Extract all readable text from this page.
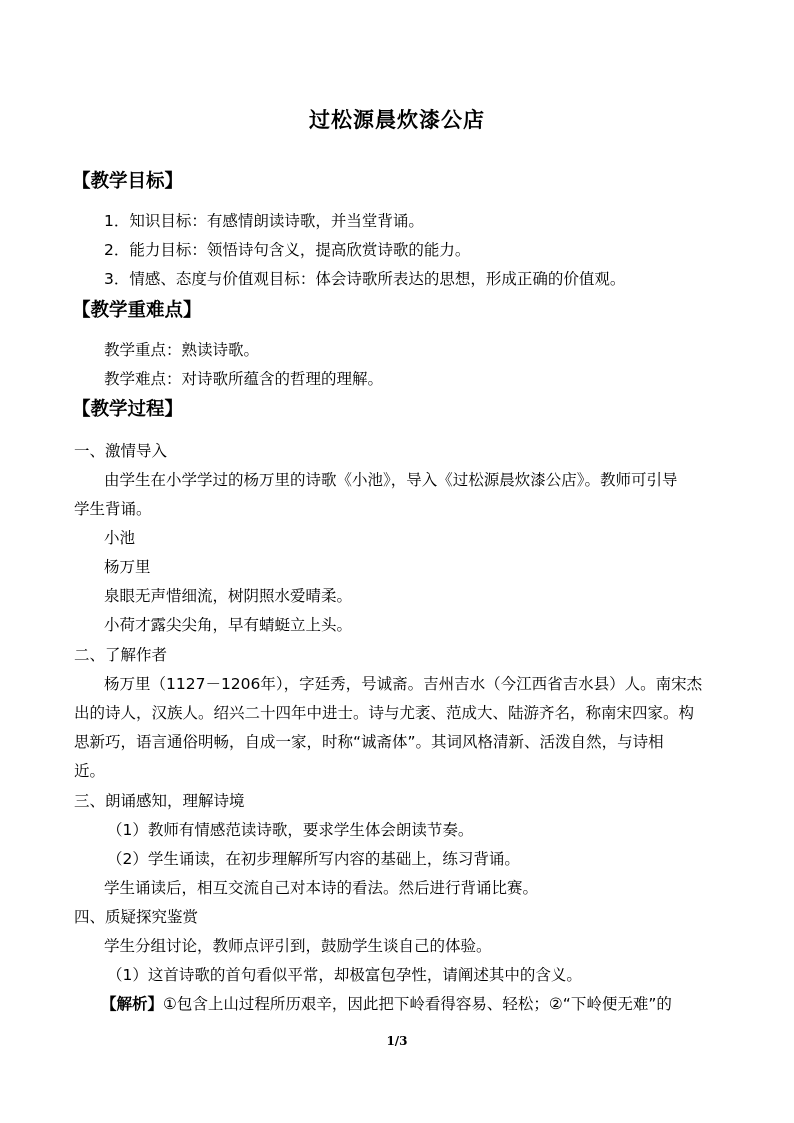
过松源晨炊漆公店
【教学目标】
1．知识目标：有感情朗读诗歌，并当堂背诵。
2．能力目标：领悟诗句含义，提高欣赏诗歌的能力。
3．情感、态度与价值观目标：体会诗歌所表达的思想，形成正确的价值观。
【教学重难点】
教学重点：熟读诗歌。
教学难点：对诗歌所蕴含的哲理的理解。
【教学过程】
一、激情导入
由学生在小学学过的杨万里的诗歌《小池》，导入《过松源晨炊漆公店》。教师可引导
学生背诵。
小池
杨万里
泉眼无声惜细流，树阴照水爱晴柔。
小荷才露尖尖角，早有蜻蜓立上头。
二、了解作者
杨万里（1127－1206年），字廷秀，号诚斋。吉州吉水（今江西省吉水县）人。南宋杰
出的诗人，汉族人。绍兴二十四年中进士。诗与尤袤、范成大、陆游齐名，称南宋四家。构
思新巧，语言通俗明畅，自成一家，时称“诚斋体”。其词风格清新、活泼自然，与诗相
近。
三、朗诵感知，理解诗境
（1）教师有情感范读诗歌，要求学生体会朗读节奏。
（2）学生诵读，在初步理解所写内容的基础上，练习背诵。
学生诵读后，相互交流自己对本诗的看法。然后进行背诵比赛。
四、质疑探究鉴赏
学生分组讨论，教师点评引到，鼓励学生谈自己的体验。
（1）这首诗歌的首句看似平常，却极富包孕性，请阐述其中的含义。
【解析】①包含上山过程所历艰辛，因此把下岭看得容易、轻松；②“下岭便无难”的
1/3
